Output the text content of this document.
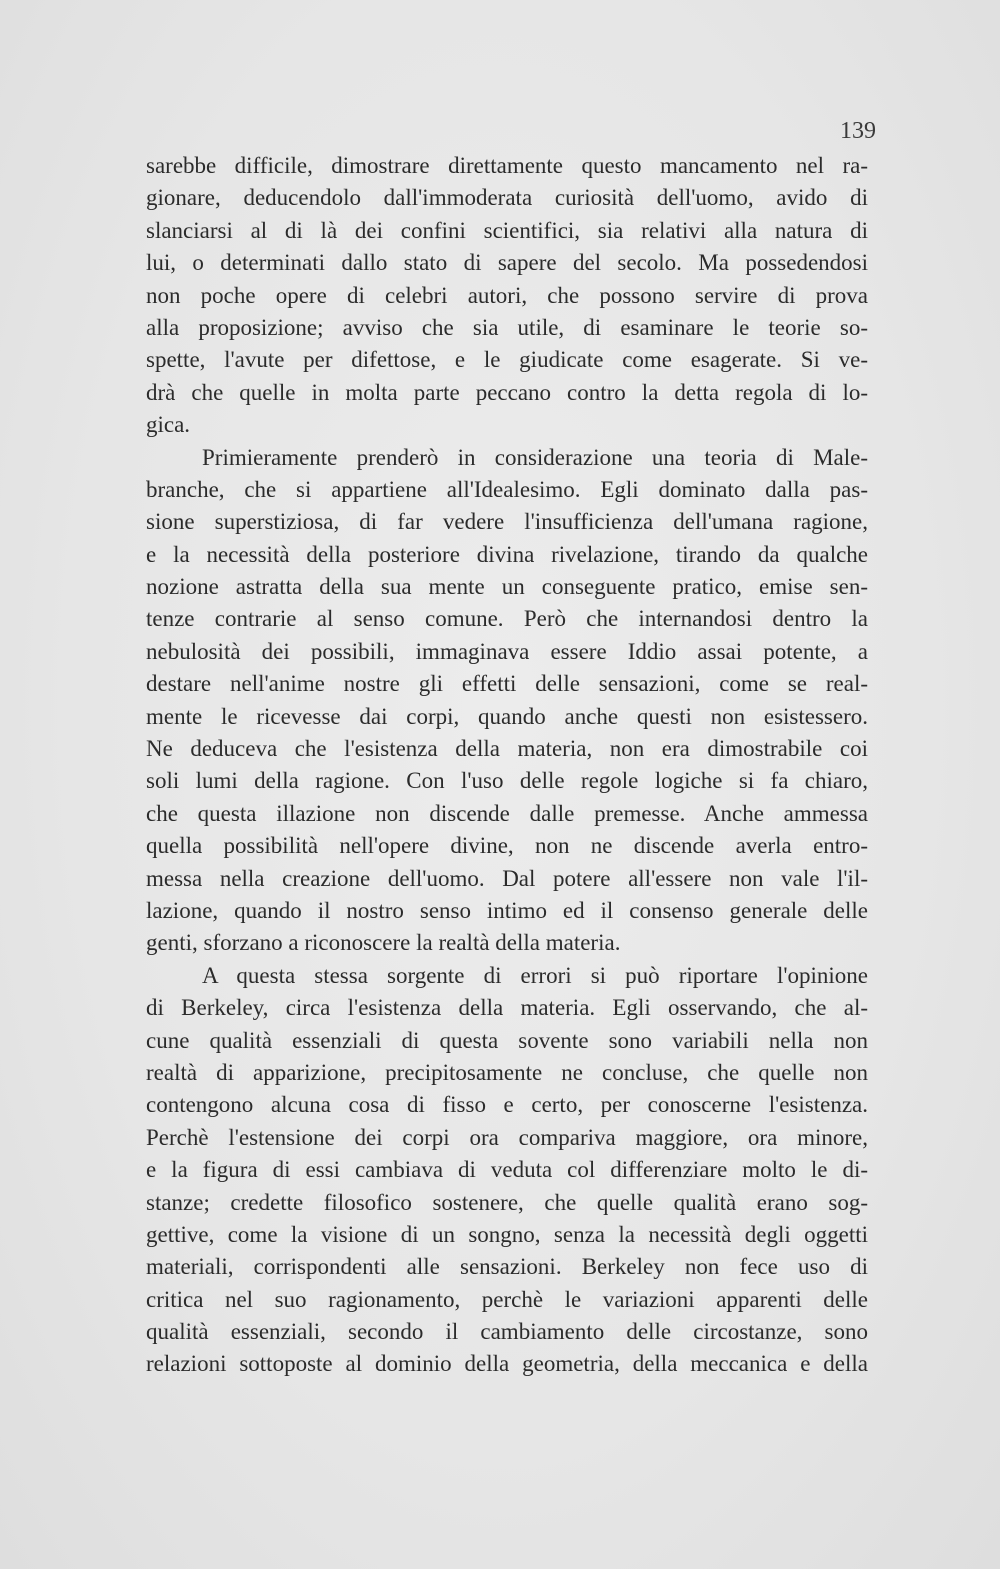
139
sarebbe difficile, dimostrare direttamente questo mancamento nel ra-
gionare, deducendolo dall'immoderata curiosità dell'uomo, avido di
slanciarsi al di là dei confini scientifici, sia relativi alla natura di
lui, o determinati dallo stato di sapere del secolo. Ma possedendosi
non poche opere di celebri autori, che possono servire di prova
alla proposizione; avviso che sia utile, di esaminare le teorie so-
spette, l'avute per difettose, e le giudicate come esagerate. Si ve-
drà che quelle in molta parte peccano contro la detta regola di lo-
gica.
Primieramente prenderò in considerazione una teoria di Male-
branche, che si appartiene all'Idealesimo. Egli dominato dalla pas-
sione superstiziosa, di far vedere l'insufficienza dell'umana ragione,
e la necessità della posteriore divina rivelazione, tirando da qualche
nozione astratta della sua mente un conseguente pratico, emise sen-
tenze contrarie al senso comune. Però che internandosi dentro la
nebulosità dei possibili, immaginava essere Iddio assai potente, a
destare nell'anime nostre gli effetti delle sensazioni, come se real-
mente le ricevesse dai corpi, quando anche questi non esistessero.
Ne deduceva che l'esistenza della materia, non era dimostrabile coi
soli lumi della ragione. Con l'uso delle regole logiche si fa chiaro,
che questa illazione non discende dalle premesse. Anche ammessa
quella possibilità nell'opere divine, non ne discende averla entro-
messa nella creazione dell'uomo. Dal potere all'essere non vale l'il-
lazione, quando il nostro senso intimo ed il consenso generale delle
genti, sforzano a riconoscere la realtà della materia.
A questa stessa sorgente di errori si può riportare l'opinione
di Berkeley, circa l'esistenza della materia. Egli osservando, che al-
cune qualità essenziali di questa sovente sono variabili nella non
realtà di apparizione, precipitosamente ne concluse, che quelle non
contengono alcuna cosa di fisso e certo, per conoscerne l'esistenza.
Perchè l'estensione dei corpi ora compariva maggiore, ora minore,
e la figura di essi cambiava di veduta col differenziare molto le di-
stanze; credette filosofico sostenere, che quelle qualità erano sog-
gettive, come la visione di un songno, senza la necessità degli oggetti
materiali, corrispondenti alle sensazioni. Berkeley non fece uso di
critica nel suo ragionamento, perchè le variazioni apparenti delle
qualità essenziali, secondo il cambiamento delle circostanze, sono
relazioni sottoposte al dominio della geometria, della meccanica e della
